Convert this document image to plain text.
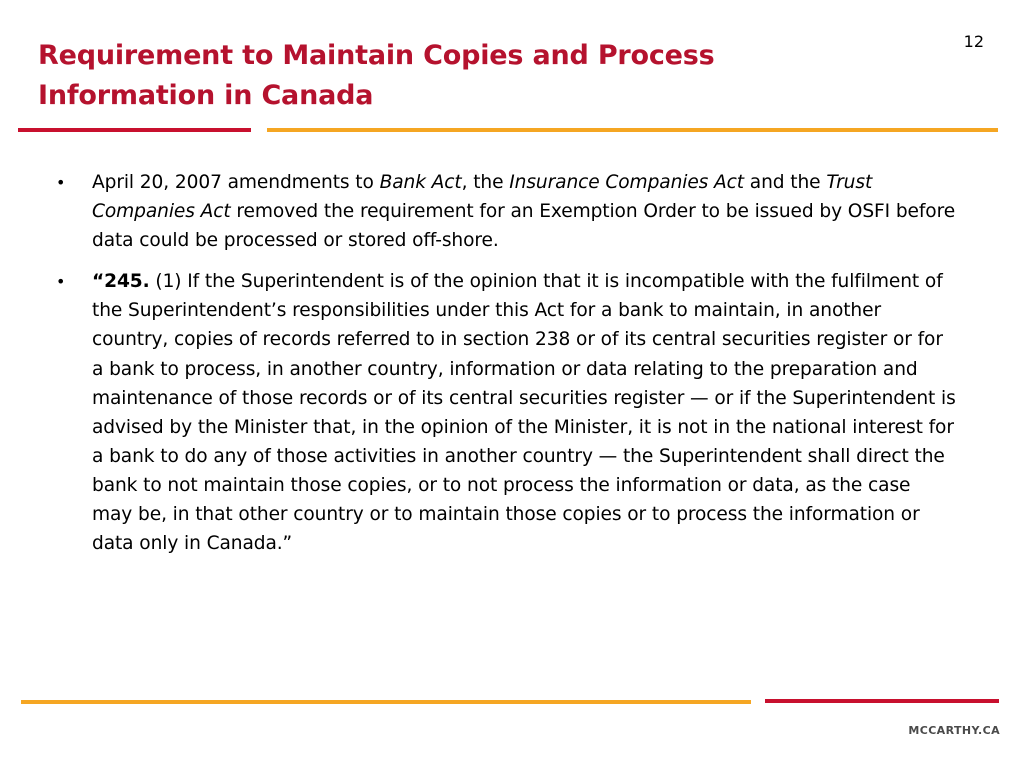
Requirement to Maintain Copies and Process
Information in Canada
12
• April 20, 2007 amendments to Bank Act, the Insurance Companies Act and the Trust Companies Act removed the requirement for an Exemption Order to be issued by OSFI before data could be processed or stored off-shore.
• “245. (1) If the Superintendent is of the opinion that it is incompatible with the fulfilment of the Superintendent’s responsibilities under this Act for a bank to maintain, in another country, copies of records referred to in section 238 or of its central securities register or for a bank to process, in another country, information or data relating to the preparation and maintenance of those records or of its central securities register — or if the Superintendent is advised by the Minister that, in the opinion of the Minister, it is not in the national interest for a bank to do any of those activities in another country — the Superintendent shall direct the bank to not maintain those copies, or to not process the information or data, as the case may be, in that other country or to maintain those copies or to process the information or data only in Canada.”
MCCARTHY.CA
